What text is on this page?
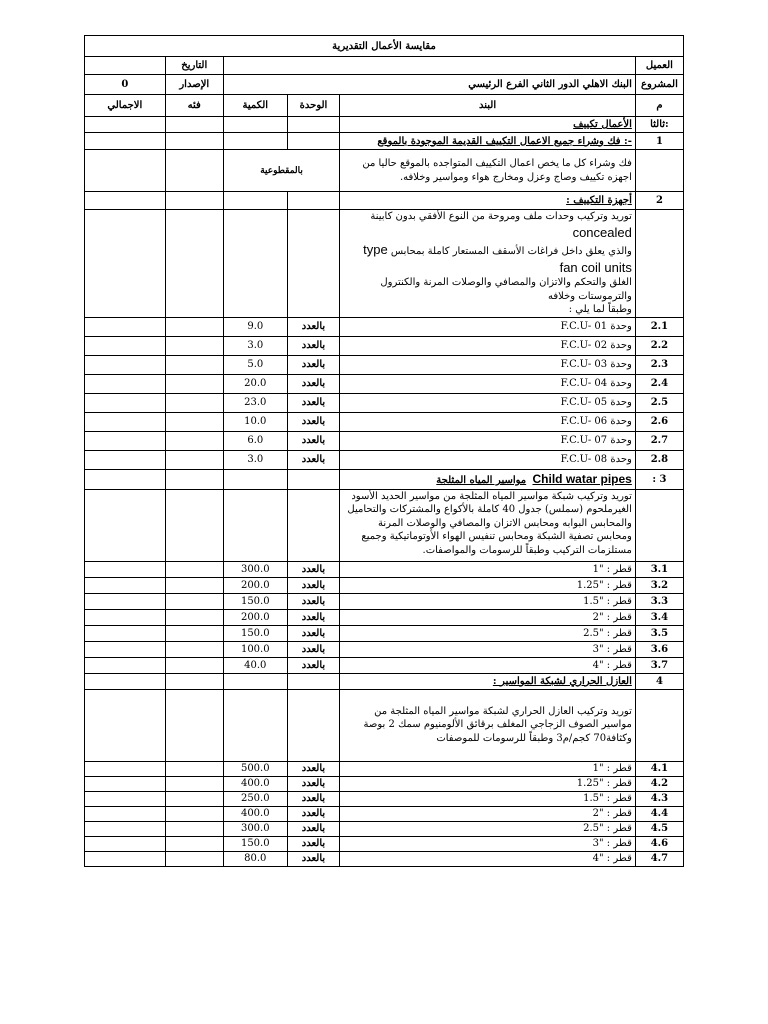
مقايسة الأعمال التقديرية					
العميل				التاريخ	
المشروع	البنك الاهلي الدور الثاني الفرع الرئيسي			الإصدار	0
م	البند	الوحدة	الكمية	فئه	الاجمالي
:ثالثا	الأعمال تكييف				
1	-: فك وشراء جميع الاعمال التكييف القديمة الموجودة بالموقع				
	فك وشراء كل ما يخص اعمال التكييف المتواجده بالموقع حاليا من اجهزه تكييف وصاج وعزل ومخارج هواء ومواسير وخلافه.	بالمقطوعية			
2	أجهزة التكييف :				

	توريد وتركيب وحدات ملف ومروحة من النوع الأفقي بدون كابينة concealed
والذي يعلق داخل فراغات الأسقف المستعار كاملة بمحابس type fan coil units
الغلق والتحكم والاتزان والمصافي والوصلات المرنة والكنترول والترموستات وخلافه
وطبقاً لما يلي :				

2.1	وحدة F.C.U- 01	بالعدد	9.0		
2.2	وحدة F.C.U- 02	بالعدد	3.0		
2.3	وحدة F.C.U- 03	بالعدد	5.0		
2.4	وحدة F.C.U- 04	بالعدد	20.0		
2.5	وحدة F.C.U- 05	بالعدد	23.0		
2.6	وحدة F.C.U- 06	بالعدد	10.0		
2.7	وحدة F.C.U- 07	بالعدد	6.0		
2.8	وحدة F.C.U- 08	بالعدد	3.0		
3 :	Child watar pipes  مواسير المياه المثلجة				
	توريد وتركيب شبكة مواسير المياه المثلجة من مواسير الحديد الأسود الغيرملحوم (سملس) جدول 40 كاملة بالأكواع والمشتركات والتحاميل والمحابس البوابه ومحابس الاتزان والمصافي والوصلات المرنة ومحابس تصفية الشبكة ومحابس تنفيس الهواء الأوتوماتيكية وجميع مستلزمات التركيب وطبقاً للرسومات والمواصفات.				
3.1	قطر : "1	بالعدد	300.0		
3.2	قطر : "1.25	بالعدد	200.0		
3.3	قطر : "1.5	بالعدد	150.0		
3.4	قطر : "2	بالعدد	200.0		
3.5	قطر : "2.5	بالعدد	150.0		
3.6	قطر : "3	بالعدد	100.0		
3.7	قطر : "4	بالعدد	40.0		
4	العازل الحراري لشبكة المواسير :				
	توريد وتركيب العازل الحراري لشبكة مواسير المياه المثلجة من مواسير الصوف الزجاجي المغلف برقائق الألومنيوم سمك 2 بوصة وكثافة70 كجم/م3 وطبقاً للرسومات للموصفات				
4.1	قطر : "1	بالعدد	500.0		
4.2	قطر : "1.25	بالعدد	400.0		
4.3	قطر : "1.5	بالعدد	250.0		
4.4	قطر : "2	بالعدد	400.0		
4.5	قطر : "2.5	بالعدد	300.0		
4.6	قطر : "3	بالعدد	150.0		
4.7	قطر : "4	بالعدد	80.0		
